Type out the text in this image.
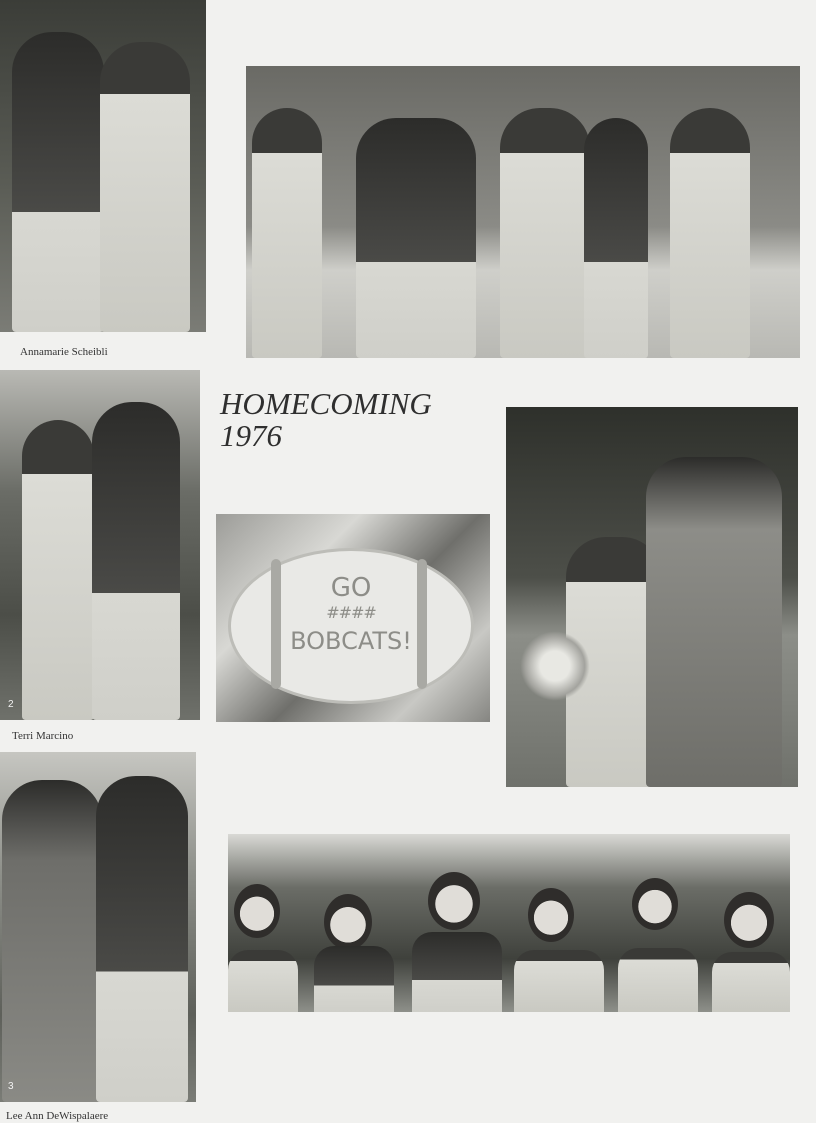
Annamarie Scheibli
2
Terri Marcino
3
Lee Ann DeWispalaere
HOMECOMING
1976
GO
####
BOBCATS!
